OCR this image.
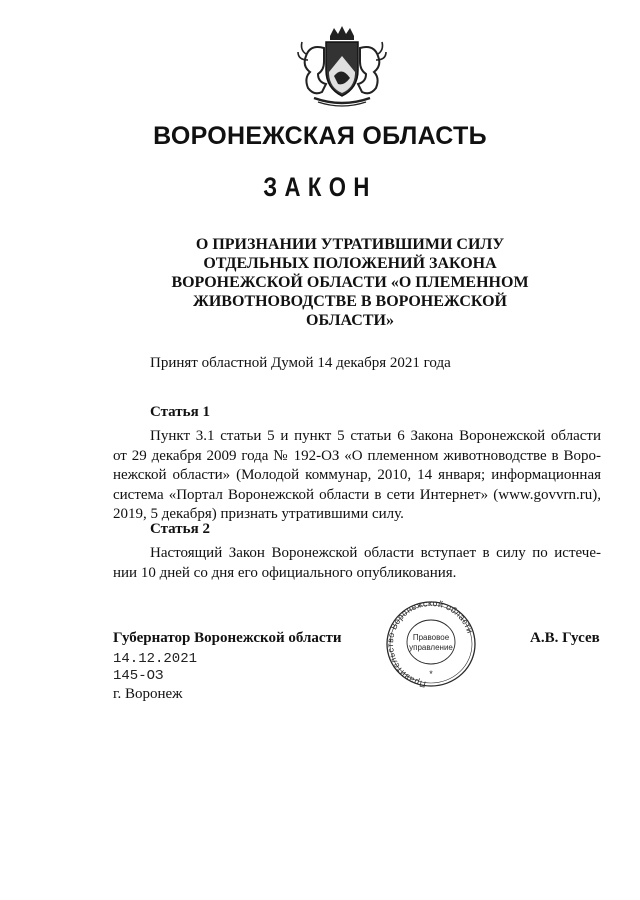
ВОРОНЕЖСКАЯ ОБЛАСТЬ
ЗАКОН
О ПРИЗНАНИИ УТРАТИВШИМИ СИЛУ
ОТДЕЛЬНЫХ ПОЛОЖЕНИЙ ЗАКОНА
ВОРОНЕЖСКОЙ ОБЛАСТИ «О ПЛЕМЕННОМ
ЖИВОТНОВОДСТВЕ В ВОРОНЕЖСКОЙ
ОБЛАСТИ»
Принят областной Думой 14 декабря 2021 года
Статья 1
Пункт 3.1 статьи 5 и пункт 5 статьи 6 Закона Воронежской области
от 29 декабря 2009 года № 192-ОЗ «О племенном животноводстве в Воро-
нежской области» (Молодой коммунар, 2010, 14 января; информационная
система «Портал Воронежской области в сети Интернет» (www.govvrn.ru),
2019, 5 декабря) признать утратившими силу.
Статья 2
Настоящий Закон Воронежской области вступает в силу по истече-
нии 10 дней со дня его официального опубликования.
Губернатор Воронежской области	А.В. Гусев
14.12.2021
145-ОЗ
г. Воронеж
Правительство Воронежской области
Правовое
управление
*
